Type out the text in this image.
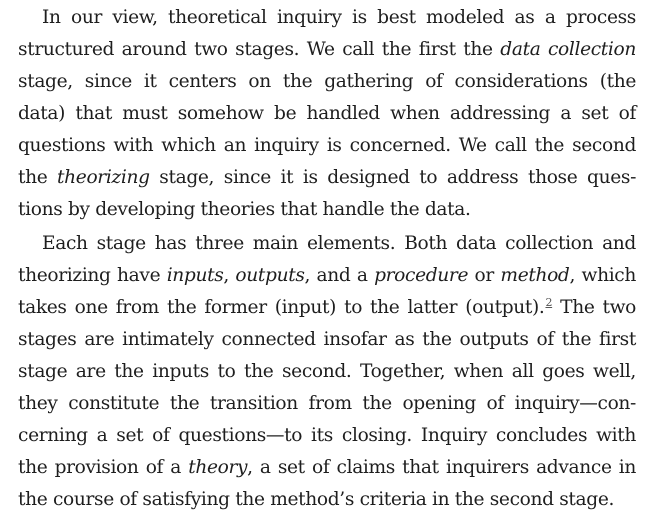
In our view, theoretical inquiry is best modeled as a process
structured around two stages. We call the first the data collection
stage, since it centers on the gathering of considerations (the
data) that must somehow be handled when addressing a set of
questions with which an inquiry is concerned. We call the second
the theorizing stage, since it is designed to address those ques-
tions by developing theories that handle the data.
Each stage has three main elements. Both data collection and
theorizing have inputs, outputs, and a procedure or method, which
takes one from the former (input) to the latter (output).$^2$ The two
stages are intimately connected insofar as the outputs of the first
stage are the inputs to the second. Together, when all goes well,
they constitute the transition from the opening of inquiry—con-
cerning a set of questions—to its closing. Inquiry concludes with
the provision of a theory, a set of claims that inquirers advance in
the course of satisfying the method’s criteria in the second stage.
